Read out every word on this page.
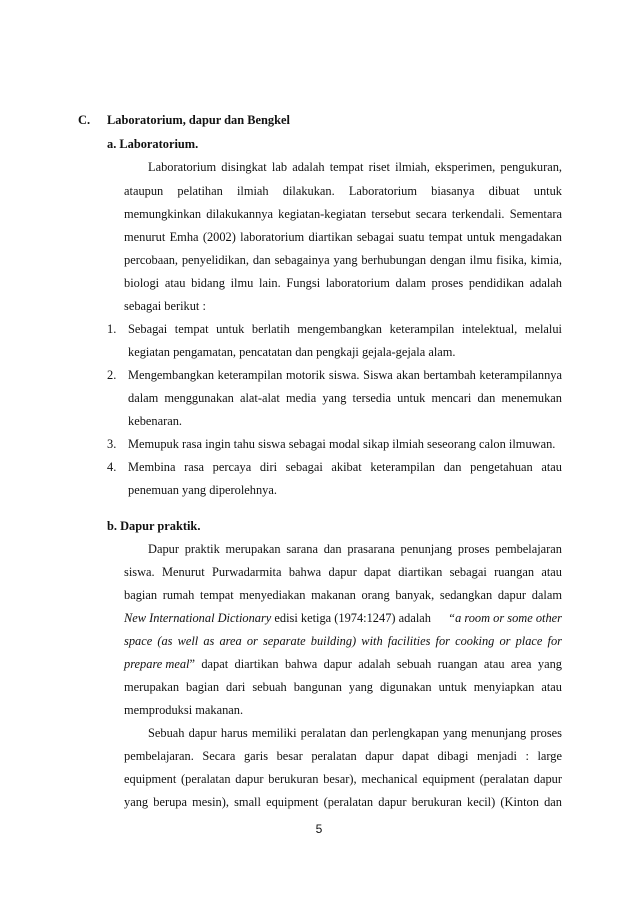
C. Laboratorium, dapur dan Bengkel
a. Laboratorium.
Laboratorium disingkat lab adalah tempat riset ilmiah, eksperimen, pengukuran,
ataupun pelatihan ilmiah dilakukan. Laboratorium biasanya dibuat untuk
memungkinkan dilakukannya kegiatan-kegiatan tersebut secara terkendali. Sementara
menurut Emha (2002) laboratorium diartikan sebagai suatu tempat untuk mengadakan
percobaan, penyelidikan, dan sebagainya yang berhubungan dengan ilmu fisika, kimia,
biologi atau bidang ilmu lain. Fungsi laboratorium dalam proses pendidikan adalah
sebagai berikut :
1. Sebagai tempat untuk berlatih mengembangkan keterampilan intelektual, melalui
kegiatan pengamatan, pencatatan dan pengkaji gejala-gejala alam.
2. Mengembangkan keterampilan motorik siswa. Siswa akan bertambah keterampilannya
dalam menggunakan alat-alat media yang tersedia untuk mencari dan menemukan
kebenaran.
3. Memupuk rasa ingin tahu siswa sebagai modal sikap ilmiah seseorang calon ilmuwan.
4. Membina rasa percaya diri sebagai akibat keterampilan dan pengetahuan atau
penemuan yang diperolehnya.
b. Dapur praktik.
Dapur praktik merupakan sarana dan prasarana penunjang proses pembelajaran
siswa. Menurut Purwadarmita bahwa dapur dapat diartikan sebagai ruangan atau
bagian rumah tempat menyediakan makanan orang banyak, sedangkan dapur dalam
New International Dictionary edisi ketiga (1974:1247) adalah “a room or some other
space (as well as area or separate building) with facilities for cooking or place for
prepare meal ” dapat diartikan bahwa dapur adalah sebuah ruangan atau area yang
merupakan bagian dari sebuah bangunan yang digunakan untuk menyiapkan atau
memproduksi makanan.
Sebuah dapur harus memiliki peralatan dan perlengkapan yang menunjang proses
pembelajaran. Secara garis besar peralatan dapur dapat dibagi menjadi : large
equipment (peralatan dapur berukuran besar), mechanical equipment (peralatan dapur
yang berupa mesin), small equipment (peralatan dapur berukuran kecil) (Kinton dan
5
